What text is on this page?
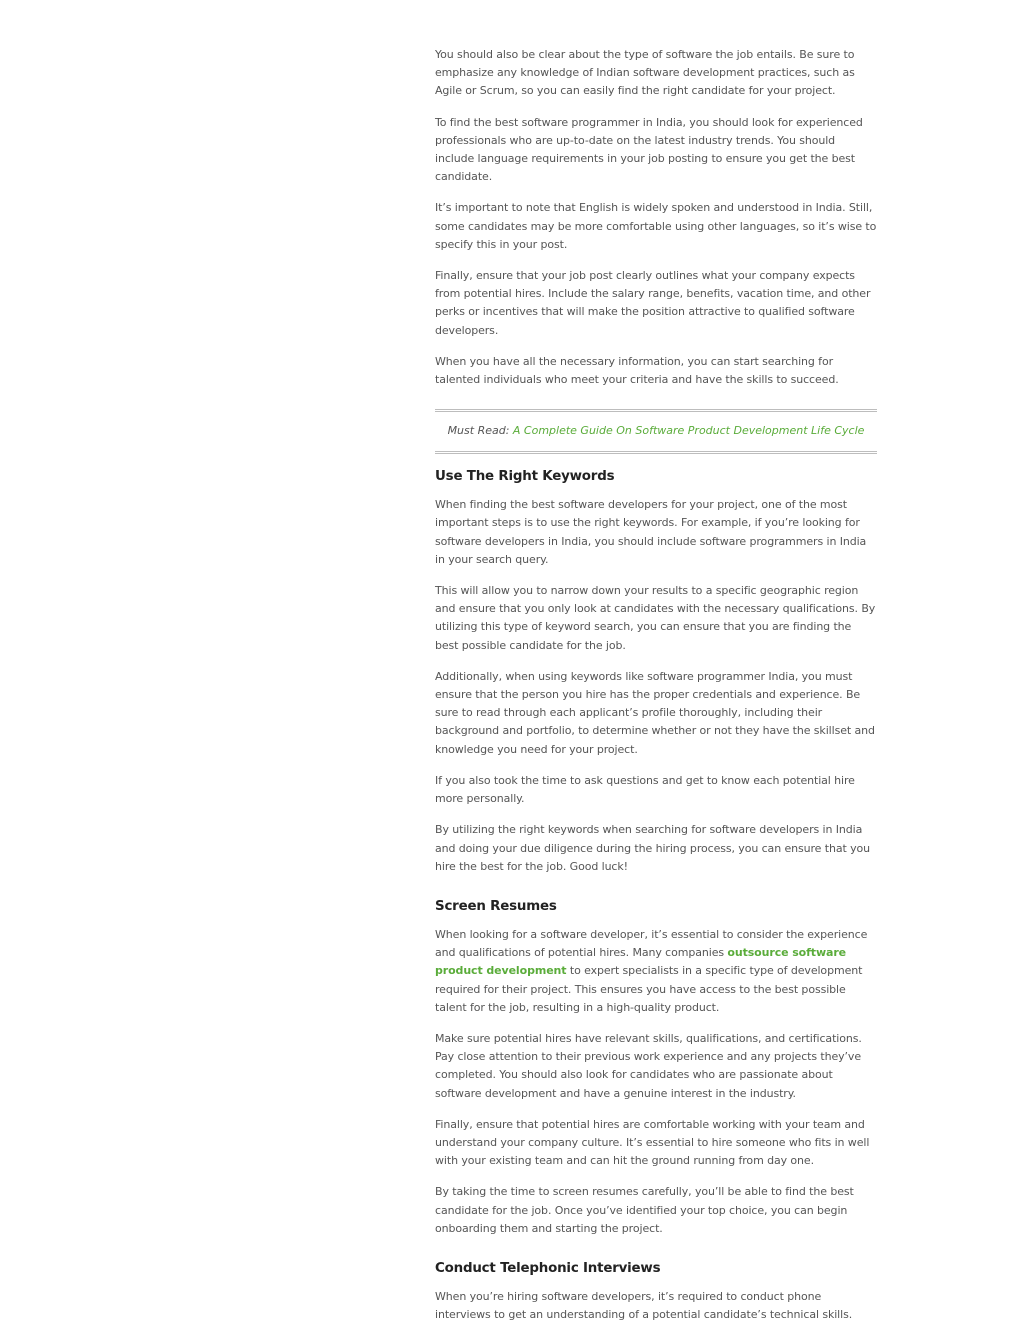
You should also be clear about the type of software the job entails. Be sure to emphasize any knowledge of Indian software development practices, such as Agile or Scrum, so you can easily find the right candidate for your project.

To find the best software programmer in India, you should look for experienced professionals who are up-to-date on the latest industry trends. You should include language requirements in your job posting to ensure you get the best candidate.

It’s important to note that English is widely spoken and understood in India. Still, some candidates may be more comfortable using other languages, so it’s wise to specify this in your post.

Finally, ensure that your job post clearly outlines what your company expects from potential hires. Include the salary range, benefits, vacation time, and other perks or incentives that will make the position attractive to qualified software developers.

When you have all the necessary information, you can start searching for talented individuals who meet your criteria and have the skills to succeed.

Must Read: A Complete Guide On Software Product Development Life Cycle
Use The Right Keywords

When finding the best software developers for your project, one of the most important steps is to use the right keywords. For example, if you’re looking for software developers in India, you should include software programmers in India in your search query.

This will allow you to narrow down your results to a specific geographic region and ensure that you only look at candidates with the necessary qualifications. By utilizing this type of keyword search, you can ensure that you are finding the best possible candidate for the job.

Additionally, when using keywords like software programmer India, you must ensure that the person you hire has the proper credentials and experience. Be sure to read through each applicant’s profile thoroughly, including their background and portfolio, to determine whether or not they have the skillset and knowledge you need for your project.

If you also took the time to ask questions and get to know each potential hire more personally.

By utilizing the right keywords when searching for software developers in India and doing your due diligence during the hiring process, you can ensure that you hire the best for the job. Good luck!

Screen Resumes

When looking for a software developer, it’s essential to consider the experience and qualifications of potential hires. Many companies outsource software product development to expert specialists in a specific type of development required for their project. This ensures you have access to the best possible talent for the job, resulting in a high-quality product.

Make sure potential hires have relevant skills, qualifications, and certifications. Pay close attention to their previous work experience and any projects they’ve completed. You should also look for candidates who are passionate about software development and have a genuine interest in the industry.

Finally, ensure that potential hires are comfortable working with your team and understand your company culture. It’s essential to hire someone who fits in well with your existing team and can hit the ground running from day one.

By taking the time to screen resumes carefully, you’ll be able to find the best candidate for the job. Once you’ve identified your top choice, you can begin onboarding them and starting the project.

Conduct Telephonic Interviews

When you’re hiring software developers, it’s required to conduct phone interviews to get an understanding of a potential candidate’s technical skills.
